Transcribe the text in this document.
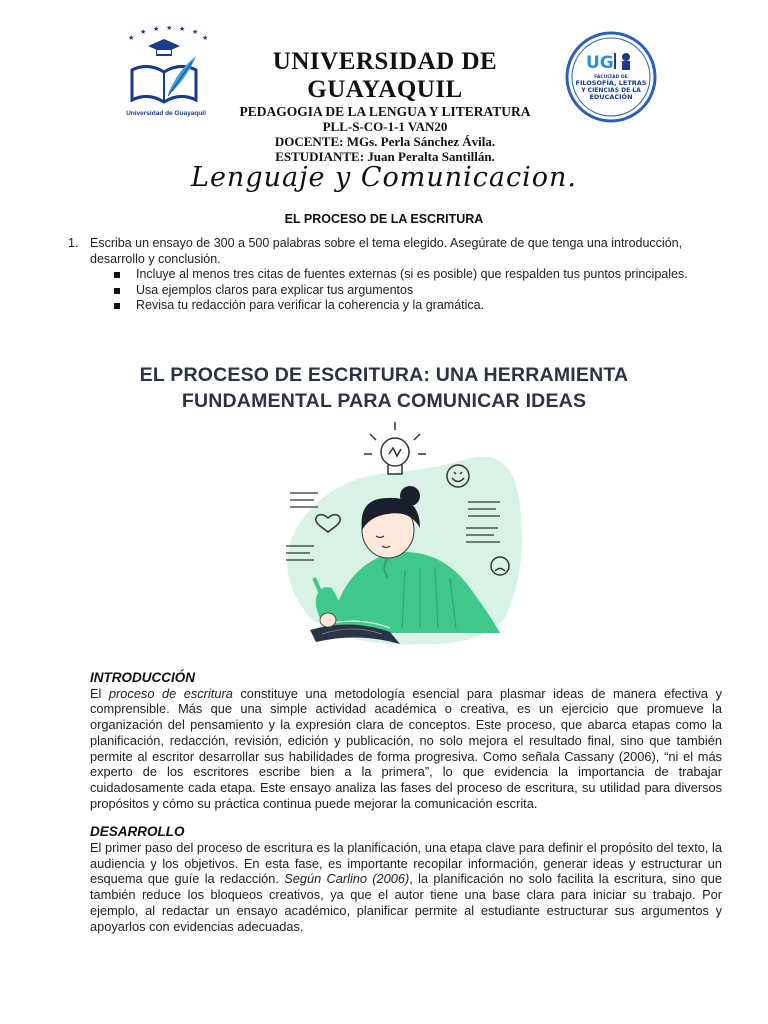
★
★ ★ ★ ★ ★
★
Universidad de Guayaquil
UNIVERSIDAD DE GUAYAQUIL
PEDAGOGIA DE LA LENGUA Y LITERATURA
PLL-S-CO-1-1 VAN20
DOCENTE: MGs. Perla Sánchez Ávila.
ESTUDIANTE: Juan Peralta Santillán.
UG
FACULTAD DE
FILOSOFÍA, LETRAS
Y CIENCIAS DE LA
EDUCACIÓN
Lenguaje y Comunicacion.
EL PROCESO DE LA ESCRITURA
1. Escriba un ensayo de 300 a 500 palabras sobre el tema elegido. Asegúrate de que tenga una introducción, desarrollo y conclusión.
Incluye al menos tres citas de fuentes externas (si es posible) que respalden tus puntos principales.
Usa ejemplos claros para explicar tus argumentos
Revisa tu redacción para verificar la coherencia y la gramática.
EL PROCESO DE ESCRITURA: UNA HERRAMIENTA
FUNDAMENTAL PARA COMUNICAR IDEAS

INTRODUCCIÓN

El proceso de escritura constituye una metodología esencial para plasmar ideas de manera efectiva y comprensible. Más que una simple actividad académica o creativa, es un ejercicio que promueve la organización del pensamiento y la expresión clara de conceptos. Este proceso, que abarca etapas como la planificación, redacción, revisión, edición y publicación, no solo mejora el resultado final, sino que también permite al escritor desarrollar sus habilidades de forma progresiva. Como señala Cassany (2006), “ni el más experto de los escritores escribe bien a la primera”, lo que evidencia la importancia de trabajar cuidadosamente cada etapa. Este ensayo analiza las fases del proceso de escritura, su utilidad para diversos propósitos y cómo su práctica continua puede mejorar la comunicación escrita.

DESARROLLO

El primer paso del proceso de escritura es la planificación, una etapa clave para definir el propósito del texto, la audiencia y los objetivos. En esta fase, es importante recopilar información, generar ideas y estructurar un esquema que guíe la redacción. Según Carlino (2006), la planificación no solo facilita la escritura, sino que también reduce los bloqueos creativos, ya que el autor tiene una base clara para iniciar su trabajo. Por ejemplo, al redactar un ensayo académico, planificar permite al estudiante estructurar sus argumentos y apoyarlos con evidencias adecuadas.
